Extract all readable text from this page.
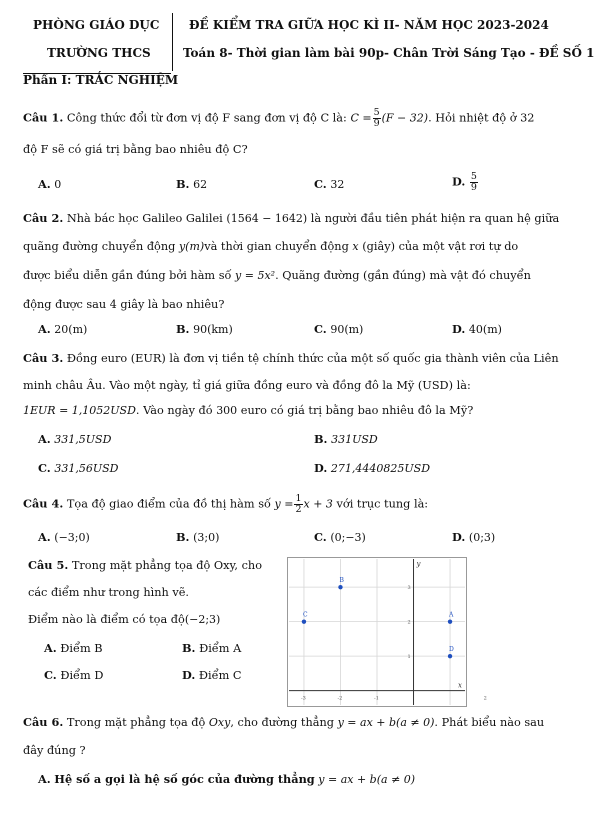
PHÒNG GIÁO DỤC
TRƯỜNG THCS
ĐỀ KIỂM TRA GIỮA HỌC KÌ II- NĂM HỌC 2023-2024
Toán 8- Thời gian làm bài 90p- Chân Trời Sáng Tạo - ĐỀ SỐ 1
Phần I: TRẮC NGHIỆM
Câu 1. Công thức đổi từ đơn vị độ F sang đơn vị độ C là: $C = \frac{5}{9} (F - 32)$. Hỏi nhiệt độ ở 32
độ F sẽ có giá trị bằng bao nhiêu độ C?
A. 0	B. 62	C. 32	D. $\frac{5}{9}$
Câu 2. Nhà bác học Galileo Galilei (1564 − 1642) là người đầu tiên phát hiện ra quan hệ giữa
quãng đường chuyển động y(m)và thời gian chuyển động x (giây) của một vật rơi tự do
được biểu diễn gần đúng bởi hàm số y = 5x². Quãng đường (gần đúng) mà vật đó chuyển
động được sau 4 giây là bao nhiêu?
A. 20(m)	B. 90(km)	C. 90(m)	D. 40(m)
Câu 3. Đồng euro (EUR) là đơn vị tiền tệ chính thức của một số quốc gia thành viên của Liên
minh châu Âu. Vào một ngày, tỉ giá giữa đồng euro và đồng đô la Mỹ (USD) là:
1EUR = 1,1052USD. Vào ngày đó 300 euro có giá trị bằng bao nhiêu đô la Mỹ?
A. 331,5USD	B. 331USD
C. 331,56USD	D. 271,4440825USD
Câu 4. Tọa độ giao điểm của đồ thị hàm số $y = \frac{1}{2}$ x + 3 với trục tung là:
A. (−3;0)	B. (3;0)	C. (0;−3)	D. (0;3)
Câu 5. Trong mặt phẳng tọa độ Oxy, cho
các điểm như trong hình vẽ.
Điểm nào là điểm có tọa độ(−2;3)
A. Điểm B	B. Điểm A
C. Điểm D	D. Điểm C
x
y
-3	-2	-1	2
3
2
1
B
C	A
D
Câu 6. Trong mặt phẳng tọa độ Oxy, cho đường thẳng y = ax + b(a ≠ 0). Phát biểu nào sau
đây đúng ?
A. Hệ số a gọi là hệ số góc của đường thẳng y = ax + b(a ≠ 0)
